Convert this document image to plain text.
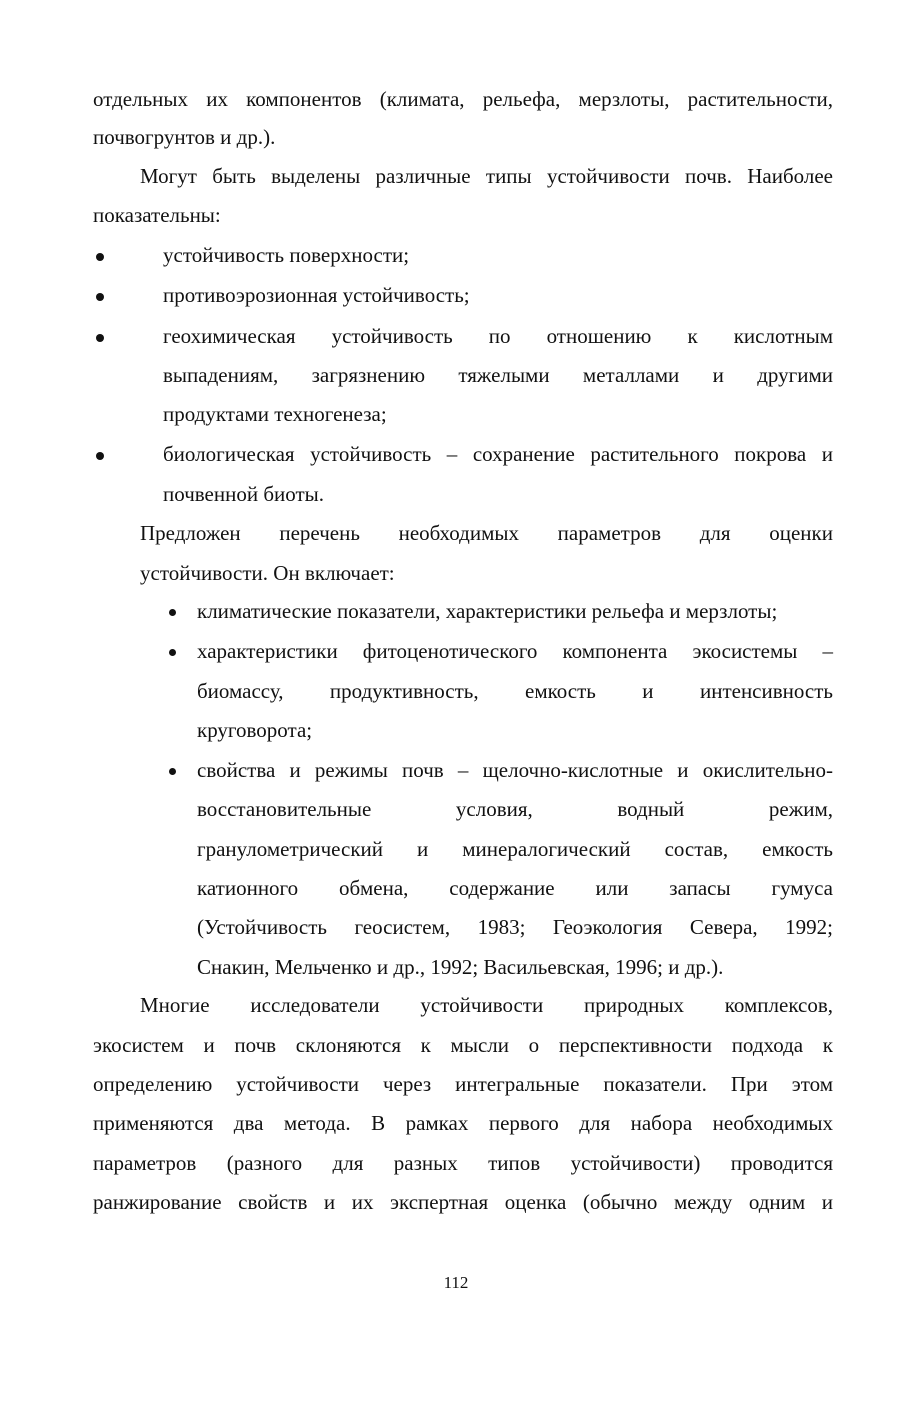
отдельных их компонентов (климата, рельефа, мерзлоты, растительности,
почвогрунтов и др.).
Могут быть выделены различные типы устойчивости почв. Наиболее
показательны:
устойчивость поверхности;
противоэрозионная устойчивость;
геохимическая устойчивость по отношению к кислотным
выпадениям, загрязнению тяжелыми металлами и другими
продуктами техногенеза;
биологическая устойчивость – сохранение растительного покрова и
почвенной биоты.
Предложен перечень необходимых параметров для оценки
устойчивости. Он включает:
климатические показатели, характеристики рельефа и мерзлоты;
характеристики фитоценотического компонента экосистемы –
биомассу, продуктивность, емкость и интенсивность
круговорота;
свойства и режимы почв – щелочно-кислотные и окислительно-
восстановительные условия, водный режим,
гранулометрический и минералогический состав, емкость
катионного обмена, содержание или запасы гумуса
(Устойчивость геосистем, 1983; Геоэкология Севера, 1992;
Снакин, Мельченко и др., 1992; Васильевская, 1996; и др.).
Многие исследователи устойчивости природных комплексов,
экосистем и почв склоняются к мысли о перспективности подхода к
определению устойчивости через интегральные показатели. При этом
применяются два метода. В рамках первого для набора необходимых
параметров (разного для разных типов устойчивости) проводится
ранжирование свойств и их экспертная оценка (обычно между одним и
112
